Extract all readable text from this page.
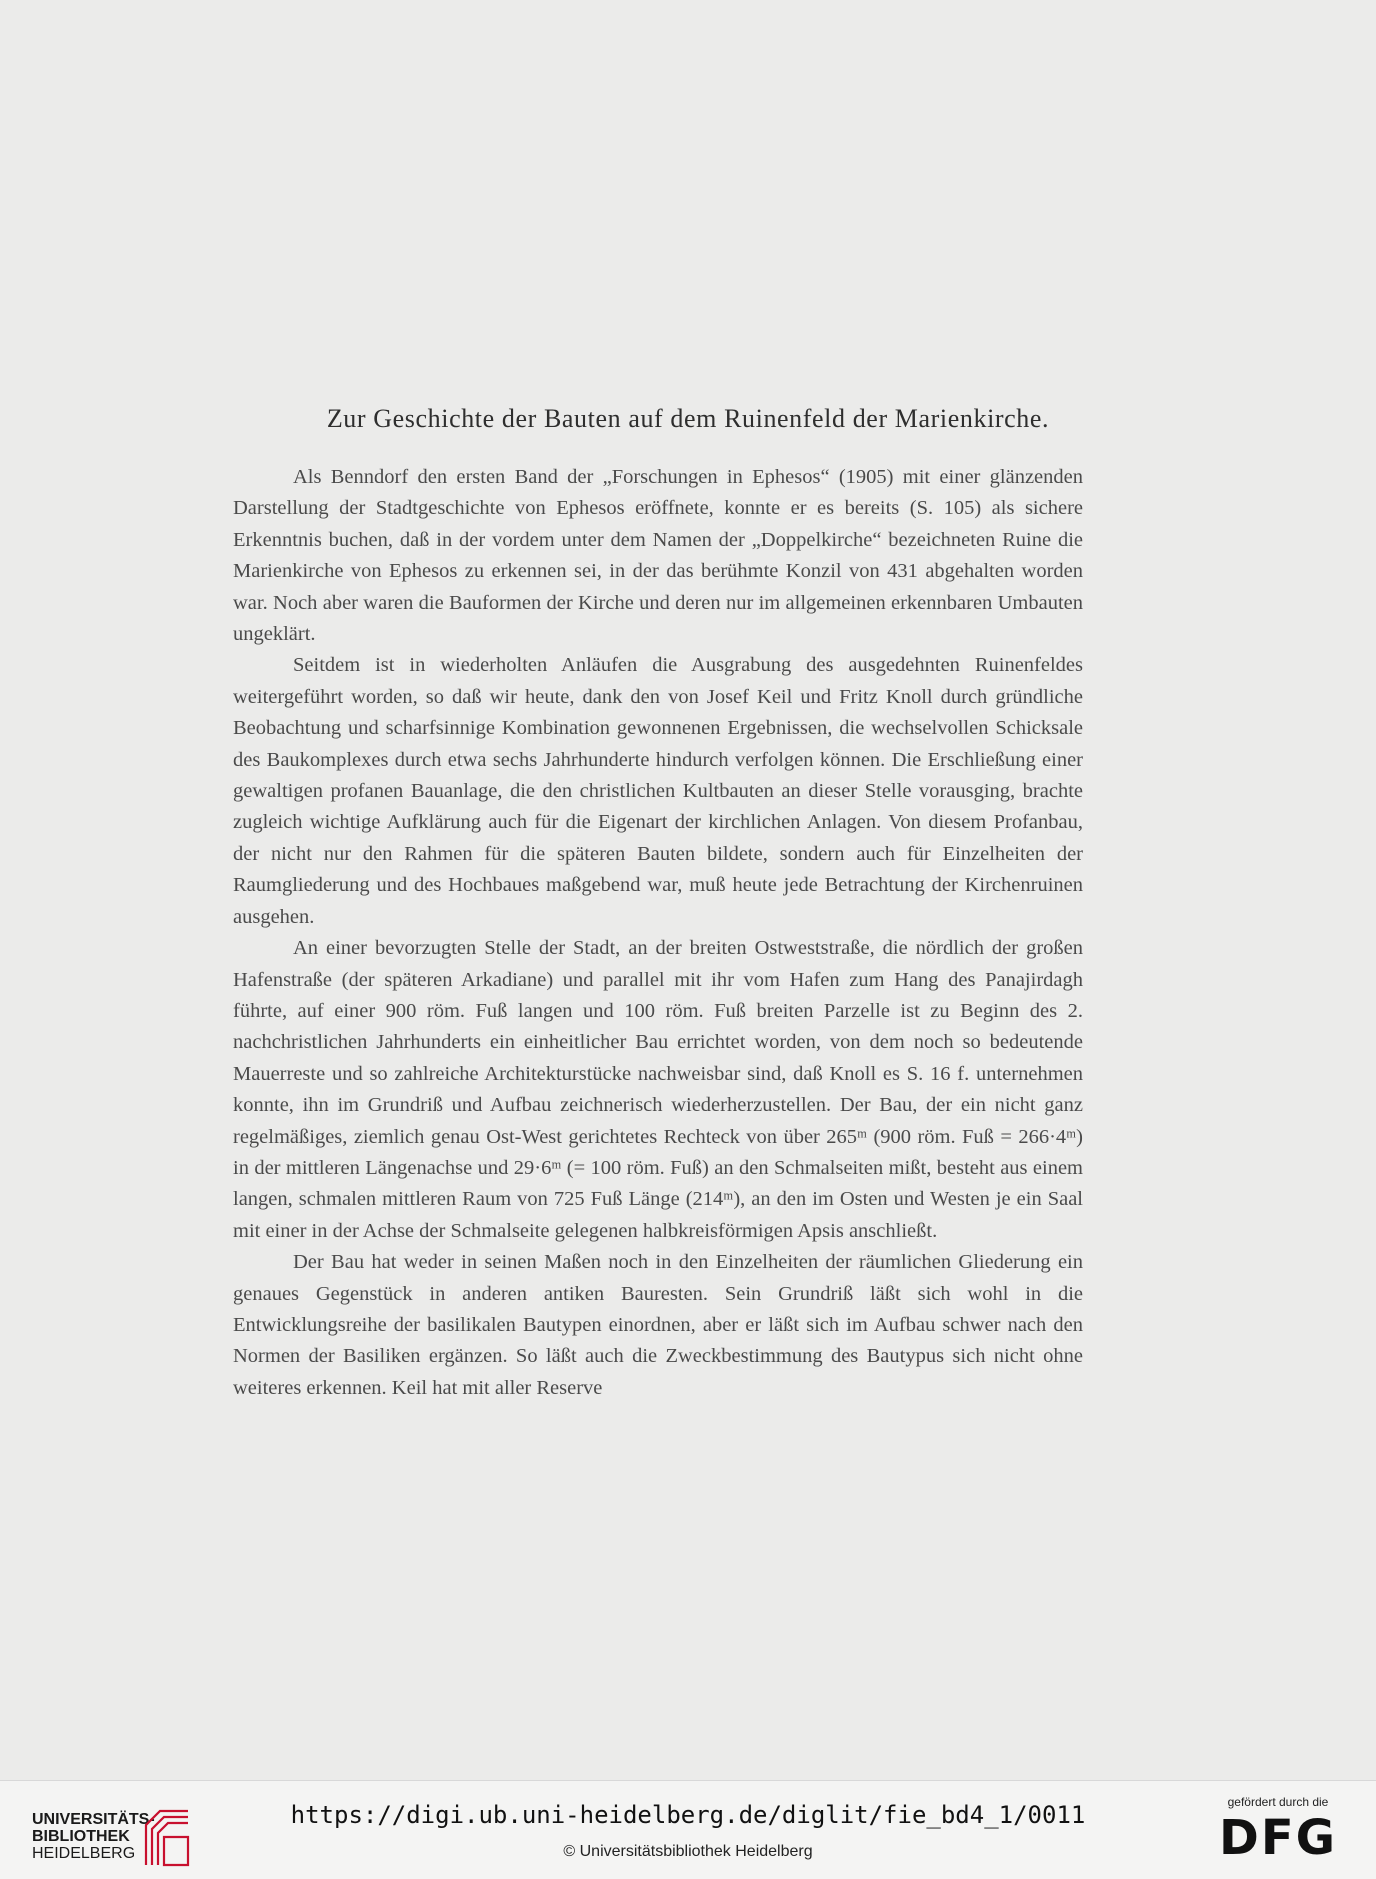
Zur Geschichte der Bauten auf dem Ruinenfeld der Marienkirche.

Als Benndorf den ersten Band der „Forschungen in Ephesos“ (1905) mit einer glänzenden Darstellung der Stadtgeschichte von Ephesos eröffnete, konnte er es bereits (S. 105) als sichere Erkenntnis buchen, daß in der vordem unter dem Namen der „Doppelkirche“ bezeichneten Ruine die Marienkirche von Ephesos zu erkennen sei, in der das berühmte Konzil von 431 abgehalten worden war. Noch aber waren die Bauformen der Kirche und deren nur im allgemeinen erkennbaren Umbauten ungeklärt.

Seitdem ist in wiederholten Anläufen die Ausgrabung des ausgedehnten Ruinenfeldes weitergeführt worden, so daß wir heute, dank den von Josef Keil und Fritz Knoll durch gründliche Beobachtung und scharfsinnige Kombination gewonnenen Ergebnissen, die wechselvollen Schicksale des Baukomplexes durch etwa sechs Jahrhunderte hindurch verfolgen können. Die Erschließung einer gewaltigen profanen Bauanlage, die den christlichen Kultbauten an dieser Stelle vorausging, brachte zugleich wichtige Aufklärung auch für die Eigenart der kirchlichen Anlagen. Von diesem Profanbau, der nicht nur den Rahmen für die späteren Bauten bildete, sondern auch für Einzelheiten der Raumgliederung und des Hochbaues maßgebend war, muß heute jede Betrachtung der Kirchenruinen ausgehen.

An einer bevorzugten Stelle der Stadt, an der breiten Ostweststraße, die nördlich der großen Hafenstraße (der späteren Arkadiane) und parallel mit ihr vom Hafen zum Hang des Panajirdagh führte, auf einer 900 röm. Fuß langen und 100 röm. Fuß breiten Parzelle ist zu Beginn des 2. nachchristlichen Jahrhunderts ein einheitlicher Bau errichtet worden, von dem noch so bedeutende Mauerreste und so zahlreiche Architekturstücke nachweisbar sind, daß Knoll es S. 16 f. unternehmen konnte, ihn im Grundriß und Aufbau zeichnerisch wiederherzustellen. Der Bau, der ein nicht ganz regelmäßiges, ziemlich genau Ost-West gerichtetes Rechteck von über 265ᵐ (900 röm. Fuß = 266·4ᵐ) in der mittleren Längenachse und 29·6ᵐ (= 100 röm. Fuß) an den Schmalseiten mißt, besteht aus einem langen, schmalen mittleren Raum von 725 Fuß Länge (214ᵐ), an den im Osten und Westen je ein Saal mit einer in der Achse der Schmalseite gelegenen halbkreisförmigen Apsis anschließt.

Der Bau hat weder in seinen Maßen noch in den Einzelheiten der räumlichen Gliederung ein genaues Gegenstück in anderen antiken Bauresten. Sein Grundriß läßt sich wohl in die Entwicklungsreihe der basilikalen Bautypen einordnen, aber er läßt sich im Aufbau schwer nach den Normen der Basiliken ergänzen. So läßt auch die Zweckbestimmung des Bautypus sich nicht ohne weiteres erkennen. Keil hat mit aller Reserve

UNIVERSITÄTS-
BIBLIOTHEK
HEIDELBERG
https://digi.ub.uni-heidelberg.de/diglit/fie_bd4_1/0011
© Universitätsbibliothek Heidelberg
gefördert durch die
DFG
